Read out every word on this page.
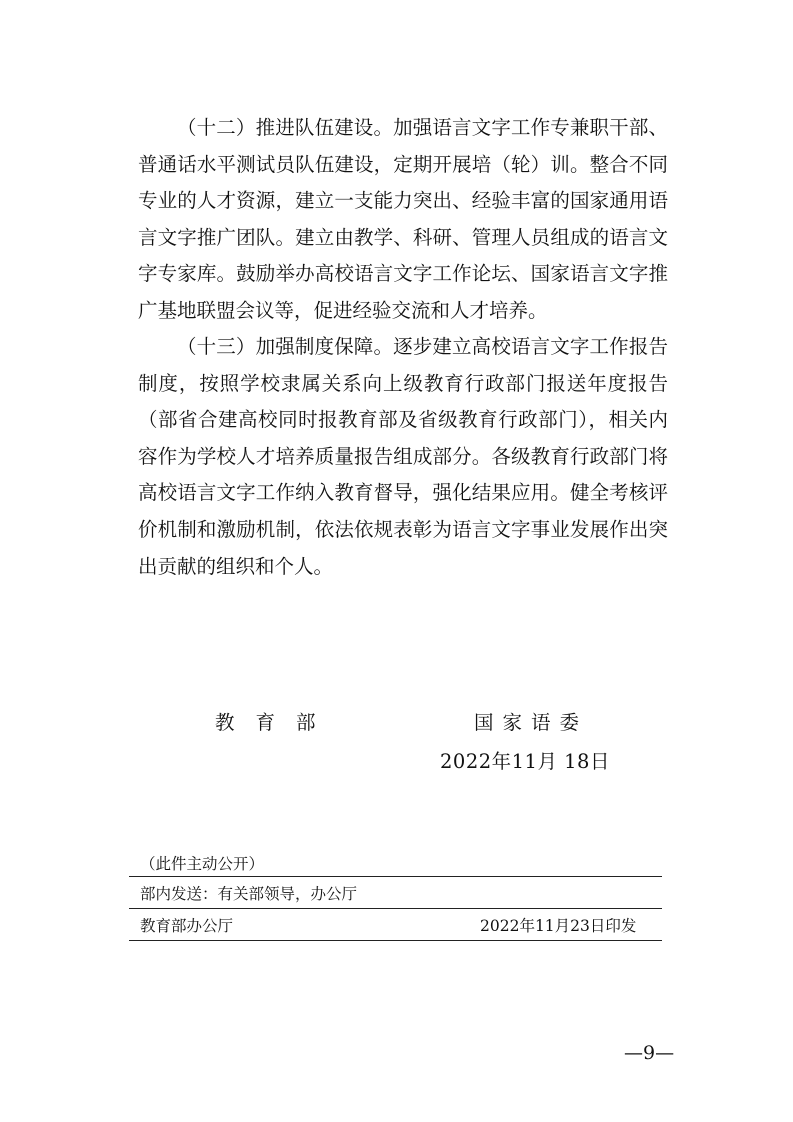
（十二）推进队伍建设。加强语言文字工作专兼职干部、普通话水平测试员队伍建设，定期开展培（轮）训。整合不同专业的人才资源，建立一支能力突出、经验丰富的国家通用语言文字推广团队。建立由教学、科研、管理人员组成的语言文字专家库。鼓励举办高校语言文字工作论坛、国家语言文字推广基地联盟会议等，促进经验交流和人才培养。

（十三）加强制度保障。逐步建立高校语言文字工作报告制度，按照学校隶属关系向上级教育行政部门报送年度报告（部省合建高校同时报教育部及省级教育行政部门），相关内容作为学校人才培养质量报告组成部分。各级教育行政部门将高校语言文字工作纳入教育督导，强化结果应用。健全考核评价机制和激励机制，依法依规表彰为语言文字事业发展作出突出贡献的组织和个人。

教育部	国家语委
2022年11月 18日
（此件主动公开）
部内发送：有关部领导，办公厅
教育部办公厅	2022年11月23日印发
—9—
